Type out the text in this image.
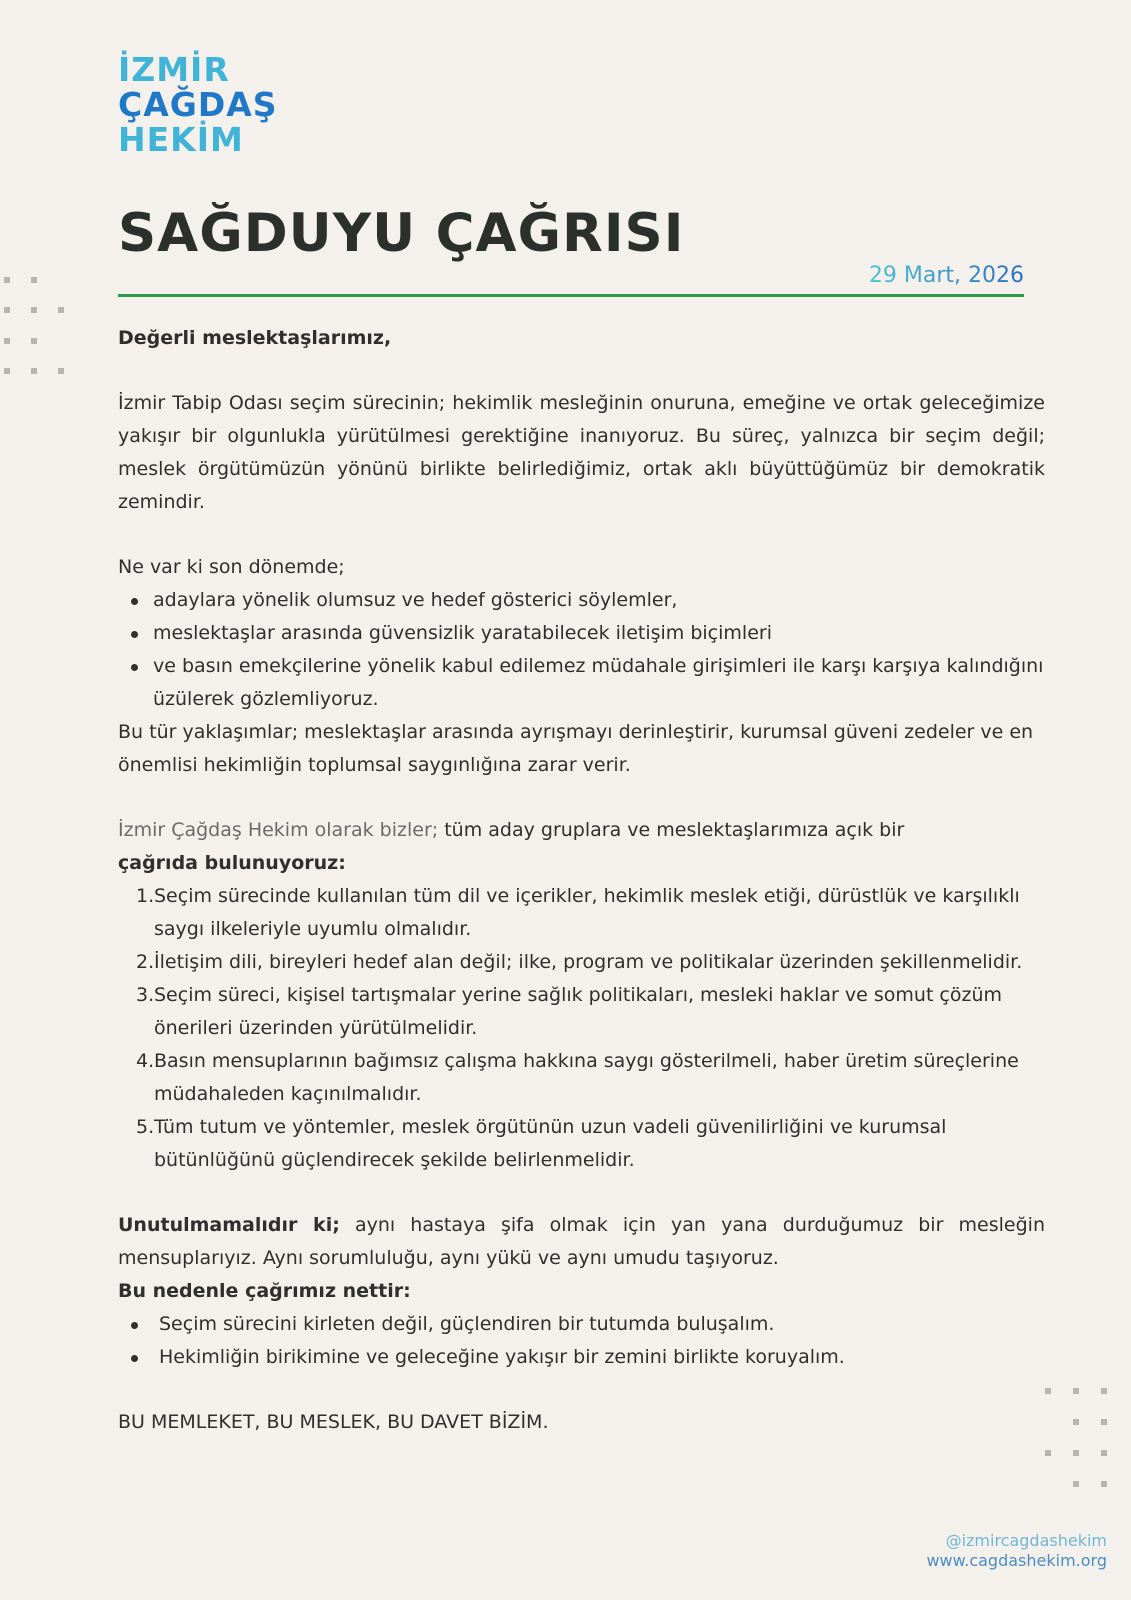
İZMİR
ÇAĞDAŞ
HEKİM
SAĞDUYU ÇAĞRISI
29 Mart, 2026

Değerli meslektaşlarımız,

İzmir Tabip Odası seçim sürecinin; hekimlik mesleğinin onuruna, emeğine ve ortak geleceğimize yakışır bir olgunlukla yürütülmesi gerektiğine inanıyoruz. Bu süreç, yalnızca bir seçim değil; meslek örgütümüzün yönünü birlikte belirlediğimiz, ortak aklı büyüttüğümüz bir demokratik zemindir.

Ne var ki son dönemde;

adaylara yönelik olumsuz ve hedef gösterici söylemler,
meslektaşlar arasında güvensizlik yaratabilecek iletişim biçimleri
ve basın emekçilerine yönelik kabul edilemez müdahale girişimleri ile karşı karşıya kalındığını üzülerek gözlemliyoruz.

Bu tür yaklaşımlar; meslektaşlar arasında ayrışmayı derinleştirir, kurumsal güveni zedeler ve en önemlisi hekimliğin toplumsal saygınlığına zarar verir.

İzmir Çağdaş Hekim olarak bizler; tüm aday gruplara ve meslektaşlarımıza açık bir

çağrıda bulunuyoruz:

1. Seçim sürecinde kullanılan tüm dil ve içerikler, hekimlik meslek etiği, dürüstlük ve karşılıklı saygı ilkeleriyle uyumlu olmalıdır.
2. İletişim dili, bireyleri hedef alan değil; ilke, program ve politikalar üzerinden şekillenmelidir.
3. Seçim süreci, kişisel tartışmalar yerine sağlık politikaları, mesleki haklar ve somut çözüm önerileri üzerinden yürütülmelidir.
4. Basın mensuplarının bağımsız çalışma hakkına saygı gösterilmeli, haber üretim süreçlerine müdahaleden kaçınılmalıdır.
5. Tüm tutum ve yöntemler, meslek örgütünün uzun vadeli güvenilirliğini ve kurumsal bütünlüğünü güçlendirecek şekilde belirlenmelidir.

Unutulmamalıdır ki; aynı hastaya şifa olmak için yan yana durduğumuz bir mesleğin mensuplarıyız. Aynı sorumluluğu, aynı yükü ve aynı umudu taşıyoruz.

Bu nedenle çağrımız nettir:

Seçim sürecini kirleten değil, güçlendiren bir tutumda buluşalım.
Hekimliğin birikimine ve geleceğine yakışır bir zemini birlikte koruyalım.

BU MEMLEKET, BU MESLEK, BU DAVET BİZİM.

@izmircagdashekim
www.cagdashekim.org
